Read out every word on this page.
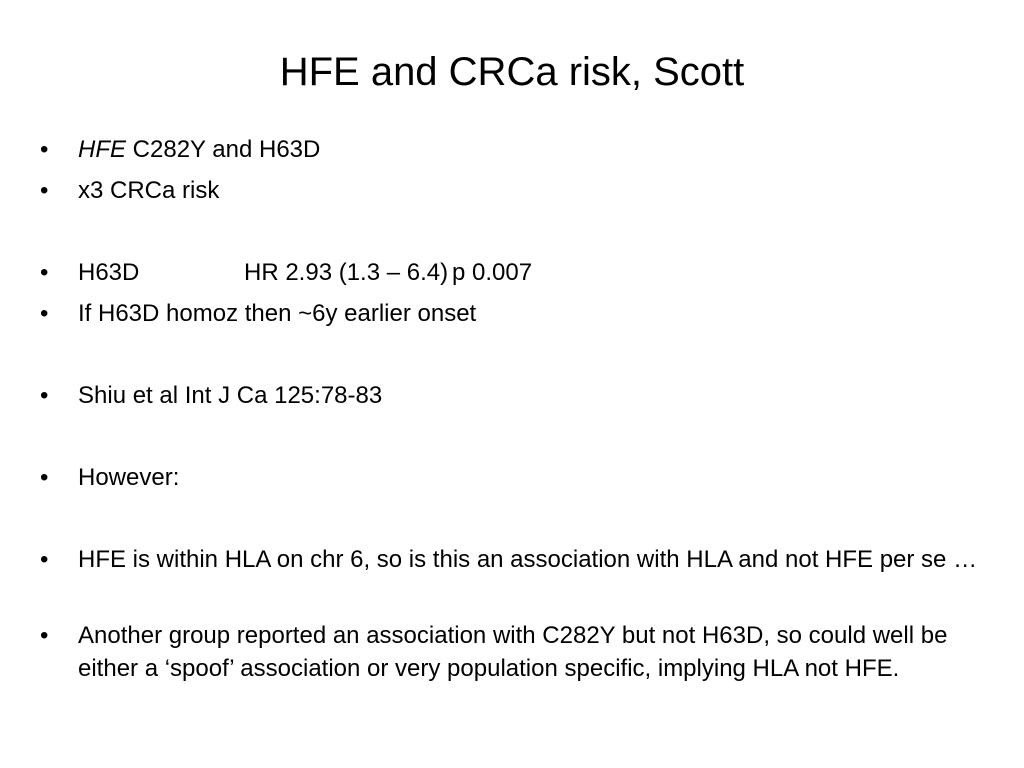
HFE and CRCa risk, Scott
•	HFE C282Y and H63D
•	x3 CRCa risk
•	H63D	HR 2.93 (1.3 – 6.4) p 0.007
•	If H63D homoz then ~6y earlier onset
•	Shiu et al Int J Ca 125:78-83
•	However:
•	HFE is within HLA on chr 6, so is this an association with HLA and not HFE per se …
•	Another group reported an association with C282Y but not H63D, so could well be either a ‘spoof’ association or very population specific, implying HLA not HFE.
